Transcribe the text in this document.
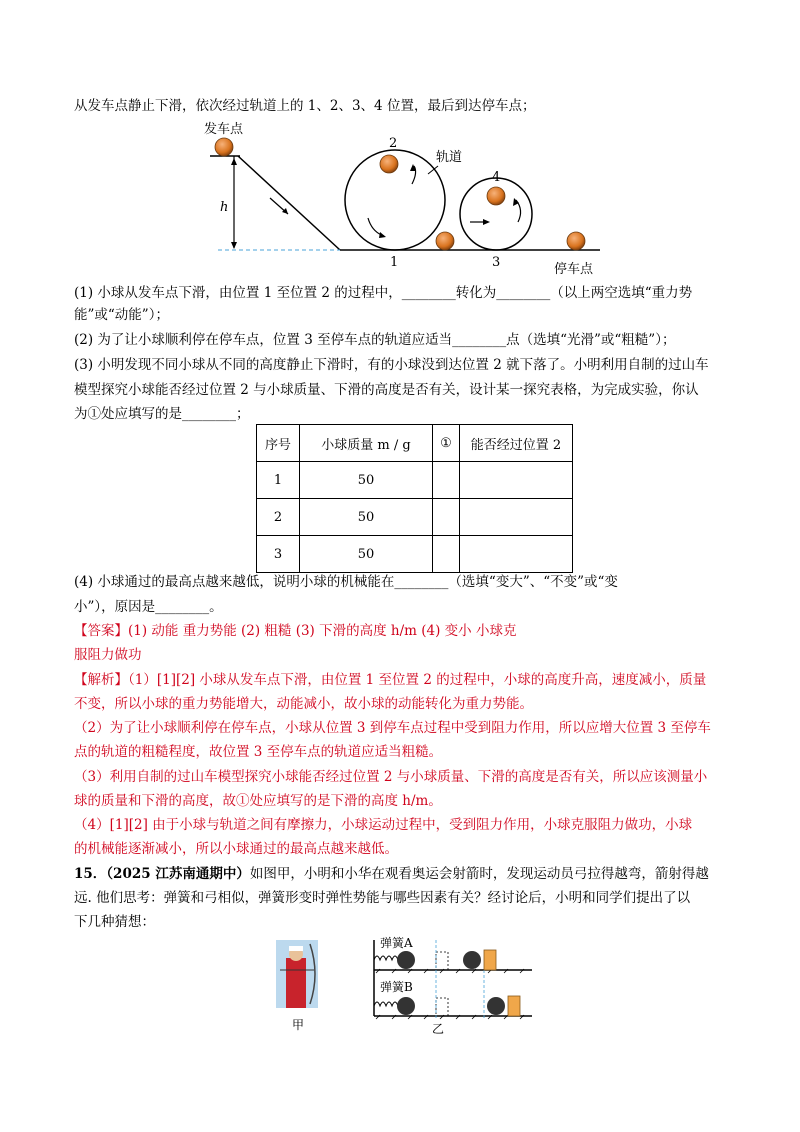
从发车点静止下滑，依次经过轨道上的 1、2、3、4 位置，最后到达停车点；
发车点
h
2
轨道
4
1	3	停车点
(1) 小球从发车点下滑，由位置 1 至位置 2 的过程中，________转化为________（以上两空选填“重力势
能”或“动能”）；
(2) 为了让小球顺利停在停车点，位置 3 至停车点的轨道应适当________点（选填“光滑”或“粗糙”）；
(3) 小明发现不同小球从不同的高度静止下滑时，有的小球没到达位置 2 就下落了。小明利用自制的过山车
模型探究小球能否经过位置 2 与小球质量、下滑的高度是否有关，设计某一探究表格，为完成实验，你认
为①处应填写的是________；
序号	小球质量 m / g	①	能否经过位置 2
1	50		
2	50		
3	50		
(4) 小球通过的最高点越来越低，说明小球的机械能在________（选填“变大”、“不变”或“变
小”），原因是________。
【答案】(1) 动能 重力势能 (2) 粗糙 (3) 下滑的高度 h/m (4) 变小 小球克
服阻力做功
【解析】（1）[1][2] 小球从发车点下滑，由位置 1 至位置 2 的过程中，小球的高度升高，速度减小，质量
不变，所以小球的重力势能增大，动能减小，故小球的动能转化为重力势能。
（2）为了让小球顺利停在停车点，小球从位置 3 到停车点过程中受到阻力作用，所以应增大位置 3 至停车
点的轨道的粗糙程度，故位置 3 至停车点的轨道应适当粗糙。
（3）利用自制的过山车模型探究小球能否经过位置 2 与小球质量、下滑的高度是否有关，所以应该测量小
球的质量和下滑的高度，故①处应填写的是下滑的高度 h/m。
（4）[1][2] 由于小球与轨道之间有摩擦力，小球运动过程中，受到阻力作用，小球克服阻力做功，小球
的机械能逐渐减小，所以小球通过的最高点越来越低。
15．（2025 江苏南通期中）如图甲，小明和小华在观看奥运会射箭时，发现运动员弓拉得越弯，箭射得越
远. 他们思考：弹簧和弓相似，弹簧形变时弹性势能与哪些因素有关？经讨论后，小明和同学们提出了以
下几种猜想：
弹簧A
弹簧B
甲	乙
